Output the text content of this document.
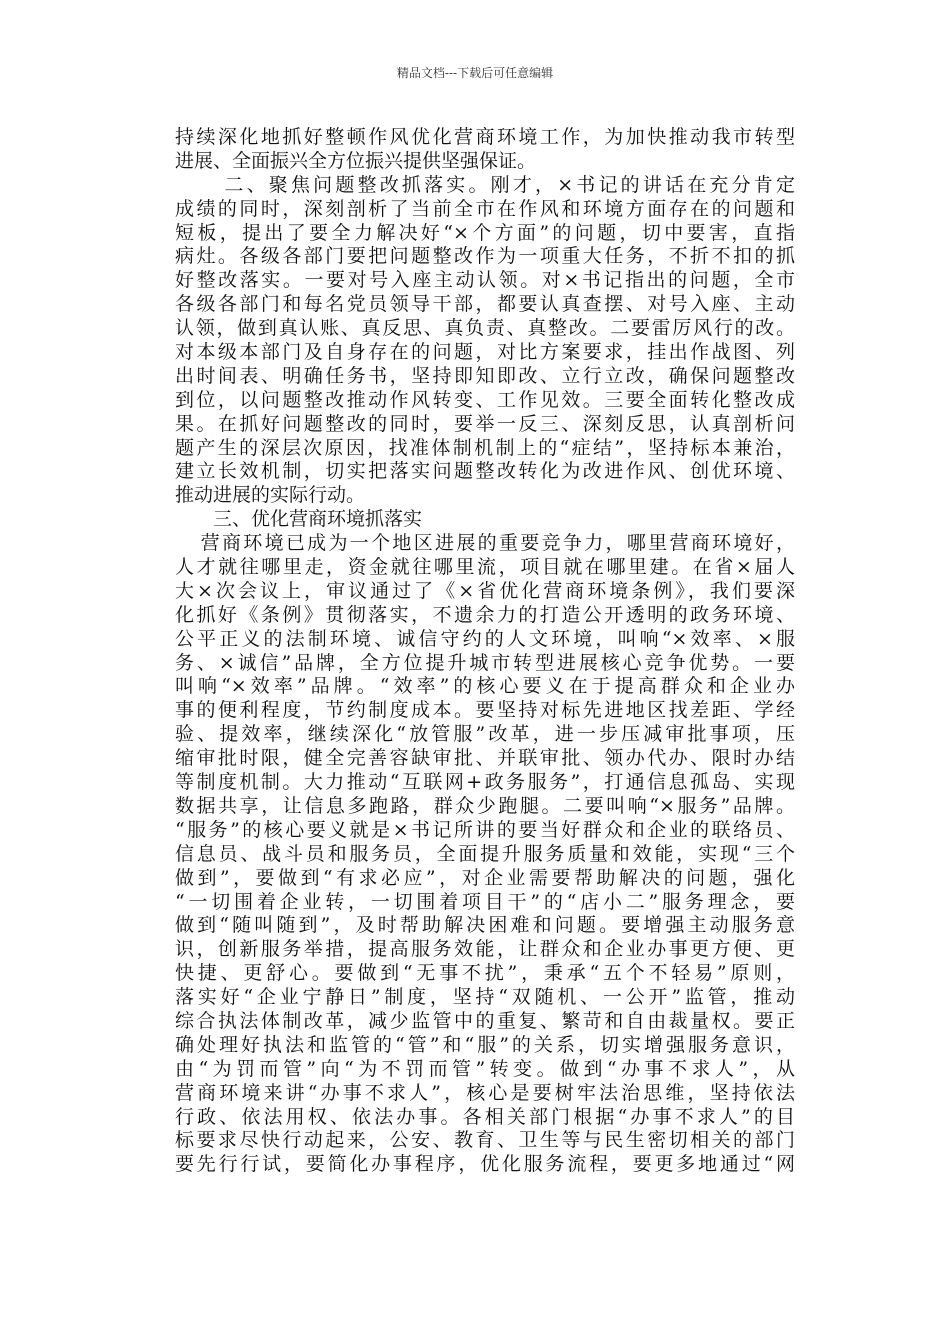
精品文档---下载后可任意编辑
持续深化地抓好整顿作风优化营商环境工作，为加快推动我市转型
进展、全面振兴全方位振兴提供坚强保证。
二、聚焦问题整改抓落实。刚才，×书记的讲话在充分肯定
成绩的同时，深刻剖析了当前全市在作风和环境方面存在的问题和
短板，提出了要全力解决好“×个方面”的问题，切中要害，直指
病灶。各级各部门要把问题整改作为一项重大任务，不折不扣的抓
好整改落实。一要对号入座主动认领。对×书记指出的问题，全市
各级各部门和每名党员领导干部，都要认真查摆、对号入座、主动
认领，做到真认账、真反思、真负责、真整改。二要雷厉风行的改。
对本级本部门及自身存在的问题，对比方案要求，挂出作战图、列
出时间表、明确任务书，坚持即知即改、立行立改，确保问题整改
到位，以问题整改推动作风转变、工作见效。三要全面转化整改成
果。在抓好问题整改的同时，要举一反三、深刻反思，认真剖析问
题产生的深层次原因，找准体制机制上的“症结”，坚持标本兼治，
建立长效机制，切实把落实问题整改转化为改进作风、创优环境、
推动进展的实际行动。
三、优化营商环境抓落实
营商环境已成为一个地区进展的重要竞争力，哪里营商环境好，
人才就往哪里走，资金就往哪里流，项目就在哪里建。在省×届人
大×次会议上，审议通过了《×省优化营商环境条例》，我们要深
化抓好《条例》贯彻落实，不遗余力的打造公开透明的政务环境、
公平正义的法制环境、诚信守约的人文环境，叫响“×效率、×服
务、×诚信”品牌，全方位提升城市转型进展核心竞争优势。一要
叫响“×效率”品牌。“效率”的核心要义在于提高群众和企业办
事的便利程度，节约制度成本。要坚持对标先进地区找差距、学经
验、提效率，继续深化“放管服”改革，进一步压减审批事项，压
缩审批时限，健全完善容缺审批、并联审批、领办代办、限时办结
等制度机制。大力推动“互联网+政务服务”，打通信息孤岛、实现
数据共享，让信息多跑路，群众少跑腿。二要叫响“×服务”品牌。
“服务”的核心要义就是×书记所讲的要当好群众和企业的联络员、
信息员、战斗员和服务员，全面提升服务质量和效能，实现“三个
做到”，要做到“有求必应”，对企业需要帮助解决的问题，强化
“一切围着企业转，一切围着项目干”的“店小二”服务理念，要
做到“随叫随到”，及时帮助解决困难和问题。要增强主动服务意
识，创新服务举措，提高服务效能，让群众和企业办事更方便、更
快捷、更舒心。要做到“无事不扰”，秉承“五个不轻易”原则，
落实好“企业宁静日”制度，坚持“双随机、一公开”监管，推动
综合执法体制改革，减少监管中的重复、繁苛和自由裁量权。要正
确处理好执法和监管的“管”和“服”的关系，切实增强服务意识，
由“为罚而管”向“为不罚而管”转变。做到“办事不求人”，从
营商环境来讲“办事不求人”，核心是要树牢法治思维，坚持依法
行政、依法用权、依法办事。各相关部门根据“办事不求人”的目
标要求尽快行动起来，公安、教育、卫生等与民生密切相关的部门
要先行行试，要简化办事程序，优化服务流程，要更多地通过“网
